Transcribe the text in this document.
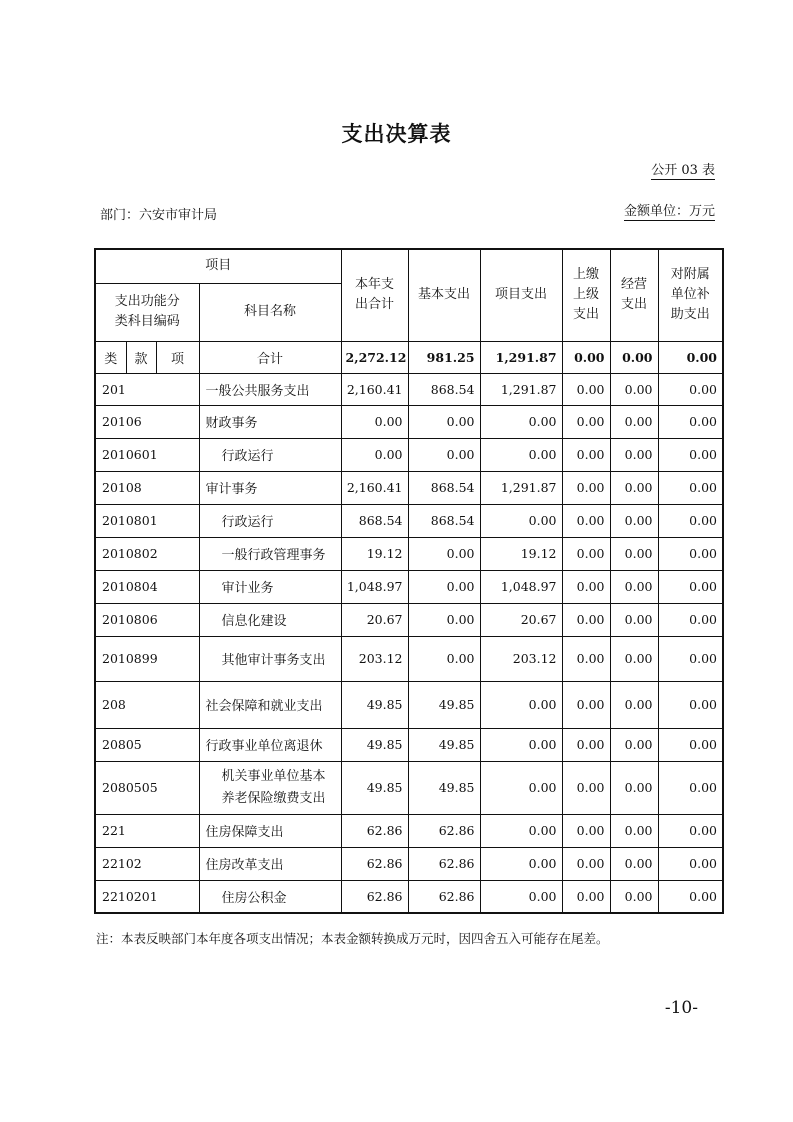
支出决算表
公开 03 表
部门：六安市审计局	金额单位：万元
项目				本年支出合计	基本支出	项目支出	上缴上级支出	经营支出	对附属单位补助支出
支出功能分类科目编码			科目名称						
类	款	项	合计	2,272.12	981.25	1,291.87	0.00	0.00	0.00
201			一般公共服务支出	2,160.41	868.54	1,291.87	0.00	0.00	0.00
20106			财政事务	0.00	0.00	0.00	0.00	0.00	0.00
2010601			行政运行	0.00	0.00	0.00	0.00	0.00	0.00
20108			审计事务	2,160.41	868.54	1,291.87	0.00	0.00	0.00
2010801			行政运行	868.54	868.54	0.00	0.00	0.00	0.00
2010802			一般行政管理事务	19.12	0.00	19.12	0.00	0.00	0.00
2010804			审计业务	1,048.97	0.00	1,048.97	0.00	0.00	0.00
2010806			信息化建设	20.67	0.00	20.67	0.00	0.00	0.00
2010899			其他审计事务支出	203.12	0.00	203.12	0.00	0.00	0.00
208			社会保障和就业支出	49.85	49.85	0.00	0.00	0.00	0.00
20805			行政事业单位离退休	49.85	49.85	0.00	0.00	0.00	0.00
2080505			机关事业单位基本养老保险缴费支出	49.85	49.85	0.00	0.00	0.00	0.00
221			住房保障支出	62.86	62.86	0.00	0.00	0.00	0.00
22102			住房改革支出	62.86	62.86	0.00	0.00	0.00	0.00
2210201			住房公积金	62.86	62.86	0.00	0.00	0.00	0.00
注：本表反映部门本年度各项支出情况；本表金额转换成万元时，因四舍五入可能存在尾差。
-10-
